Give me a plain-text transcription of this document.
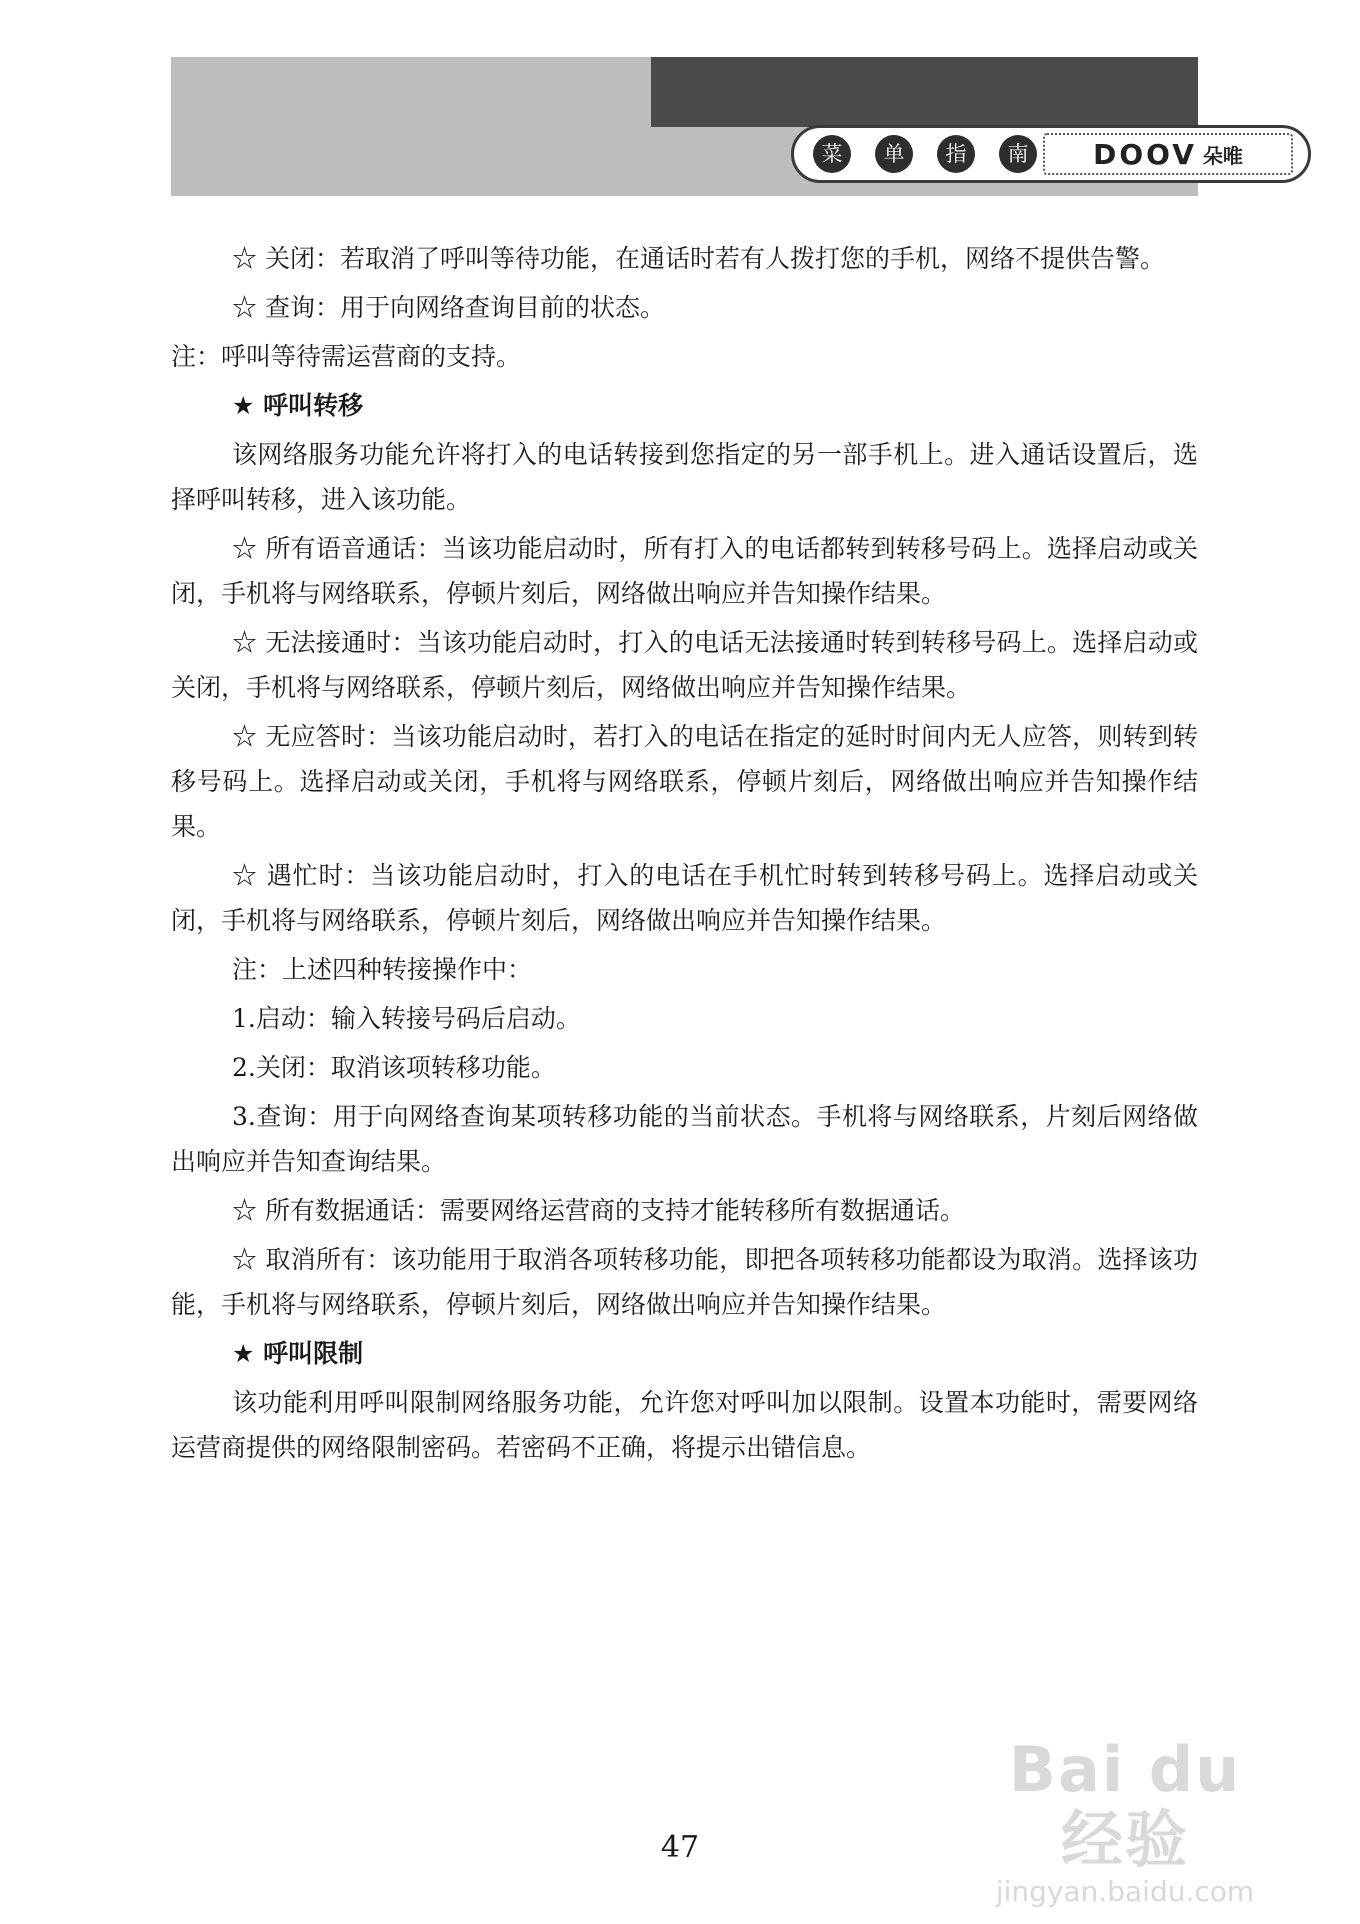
菜	单	指	南	DOOV 朵唯

☆ 关闭：若取消了呼叫等待功能，在通话时若有人拨打您的手机，网络不提供告警。

☆ 查询：用于向网络查询目前的状态。

注：呼叫等待需运营商的支持。

★ 呼叫转移

该网络服务功能允许将打入的电话转接到您指定的另一部手机上。进入通话设置后，选择呼叫转移，进入该功能。

☆ 所有语音通话：当该功能启动时，所有打入的电话都转到转移号码上。选择启动或关闭，手机将与网络联系，停顿片刻后，网络做出响应并告知操作结果。

☆ 无法接通时：当该功能启动时，打入的电话无法接通时转到转移号码上。选择启动或关闭，手机将与网络联系，停顿片刻后，网络做出响应并告知操作结果。

☆ 无应答时：当该功能启动时，若打入的电话在指定的延时时间内无人应答，则转到转移号码上。选择启动或关闭，手机将与网络联系，停顿片刻后，网络做出响应并告知操作结果。

☆ 遇忙时：当该功能启动时，打入的电话在手机忙时转到转移号码上。选择启动或关闭，手机将与网络联系，停顿片刻后，网络做出响应并告知操作结果。

注：上述四种转接操作中：

1.启动：输入转接号码后启动。

2.关闭：取消该项转移功能。

3.查询：用于向网络查询某项转移功能的当前状态。手机将与网络联系，片刻后网络做出响应并告知查询结果。

☆ 所有数据通话：需要网络运营商的支持才能转移所有数据通话。

☆ 取消所有：该功能用于取消各项转移功能，即把各项转移功能都设为取消。选择该功能，手机将与网络联系，停顿片刻后，网络做出响应并告知操作结果。

★ 呼叫限制

该功能利用呼叫限制网络服务功能，允许您对呼叫加以限制。设置本功能时，需要网络运营商提供的网络限制密码。若密码不正确，将提示出错信息。

Bai du 经验
jingyan.baidu.com
47
